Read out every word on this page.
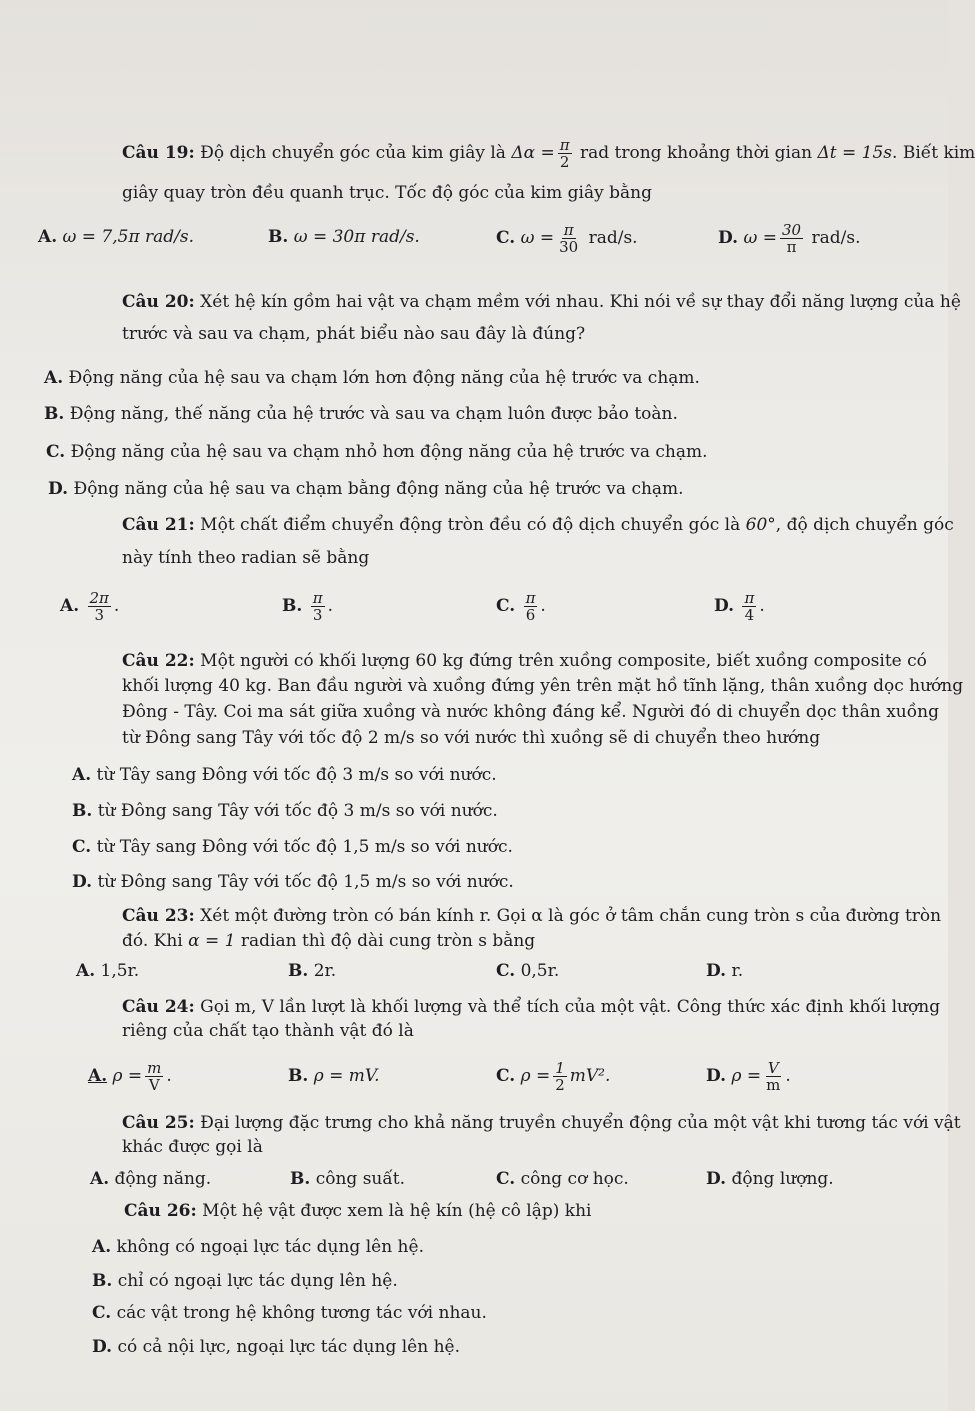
Câu 19: Độ dịch chuyển góc của kim giây là $\Delta\alpha = \frac{\pi}{2}$ rad trong khoảng thời gian Δt = 15s. Biết kim
giây quay tròn đều quanh trục. Tốc độ góc của kim giây bằng
A. ω = 7,5π rad/s.	B. ω = 30π rad/s.	C. $\omega = \frac{\pi}{30} rad/s$.	D. $\omega = \frac{30}{\pi} rad/s$.
Câu 20: Xét hệ kín gồm hai vật va chạm mềm với nhau. Khi nói về sự thay đổi năng lượng của hệ
trước và sau va chạm, phát biểu nào sau đây là đúng?
A. Động năng của hệ sau va chạm lớn hơn động năng của hệ trước va chạm.
B. Động năng, thế năng của hệ trước và sau va chạm luôn được bảo toàn.
C. Động năng của hệ sau va chạm nhỏ hơn động năng của hệ trước va chạm.
D. Động năng của hệ sau va chạm bằng động năng của hệ trước va chạm.
Câu 21: Một chất điểm chuyển động tròn đều có độ dịch chuyển góc là 60°, độ dịch chuyển góc
này tính theo radian sẽ bằng
A. $\frac{2\pi}{3}$ .	B. $\frac{\pi}{3}$ .	C. $\frac{\pi}{6}$ .	D. $\frac{\pi}{4}$ .
Câu 22: Một người có khối lượng 60 kg đứng trên xuồng composite, biết xuồng composite có
khối lượng 40 kg. Ban đầu người và xuồng đứng yên trên mặt hồ tĩnh lặng, thân xuồng dọc hướng
Đông - Tây. Coi ma sát giữa xuồng và nước không đáng kể. Người đó di chuyển dọc thân xuồng
từ Đông sang Tây với tốc độ 2 m/s so với nước thì xuồng sẽ di chuyển theo hướng
A. từ Tây sang Đông với tốc độ 3 m/s so với nước.
B. từ Đông sang Tây với tốc độ 3 m/s so với nước.
C. từ Tây sang Đông với tốc độ 1,5 m/s so với nước.
D. từ Đông sang Tây với tốc độ 1,5 m/s so với nước.
Câu 23: Xét một đường tròn có bán kính r. Gọi α là góc ở tâm chắn cung tròn s của đường tròn
đó. Khi α = 1 radian thì độ dài cung tròn s bằng
A. 1,5r.	B. 2r.	C. 0,5r.	D. r.
Câu 24: Gọi m, V lần lượt là khối lượng và thể tích của một vật. Công thức xác định khối lượng
riêng của chất tạo thành vật đó là
A. $\rho = \frac{m}{V}$ .	B. ρ = mV.	C. $\rho = \frac{1}{2} mV^2$.	D. $\rho = \frac{V}{m}$ .
Câu 25: Đại lượng đặc trưng cho khả năng truyền chuyển động của một vật khi tương tác với vật
khác được gọi là
A. động năng.	B. công suất.	C. công cơ học.	D. động lượng.
Câu 26: Một hệ vật được xem là hệ kín (hệ cô lập) khi
A. không có ngoại lực tác dụng lên hệ.
B. chỉ có ngoại lực tác dụng lên hệ.
C. các vật trong hệ không tương tác với nhau.
D. có cả nội lực, ngoại lực tác dụng lên hệ.
